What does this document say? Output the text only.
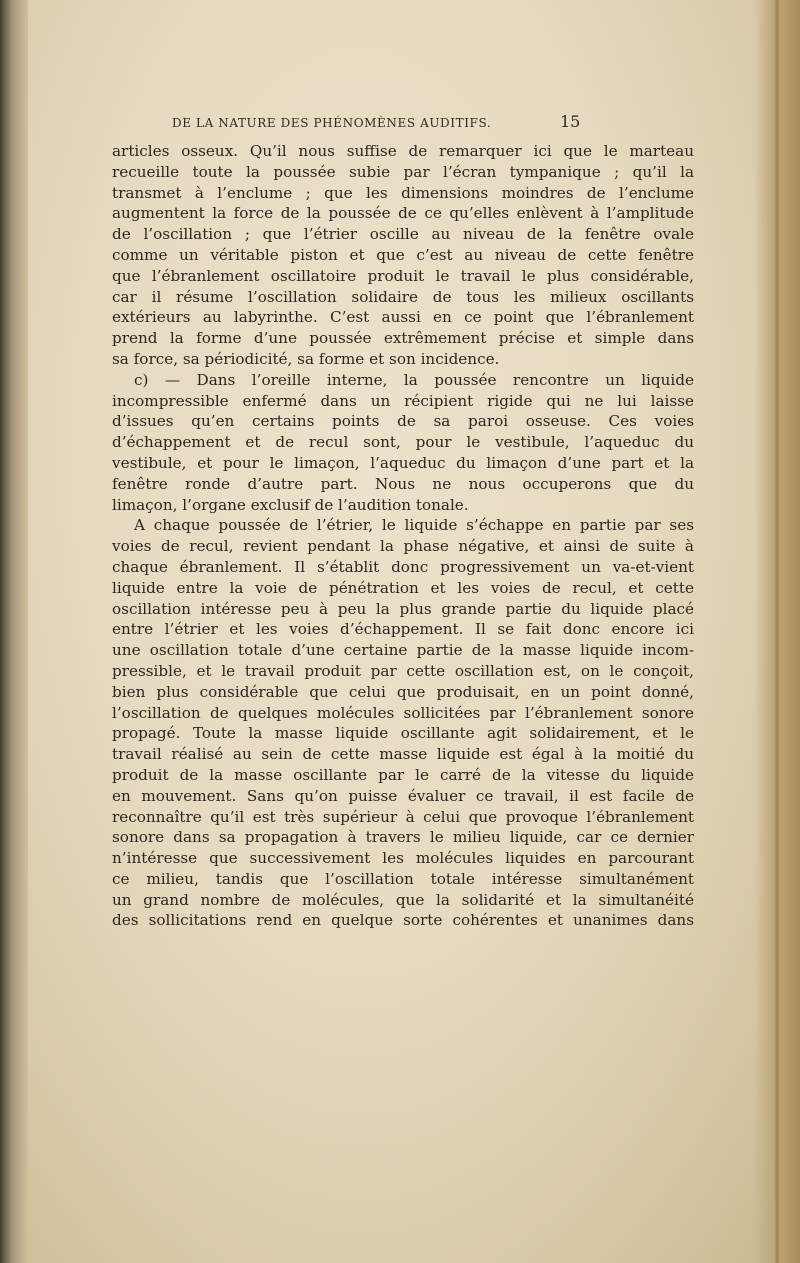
DE LA NATURE DES PHÉNOMÈNES AUDITIFS.	15

articles osseux. Qu’il nous suffise de remarquer ici que le marteau
recueille toute la poussée subie par l’écran tympanique ; qu’il la
transmet à l’enclume ; que les dimensions moindres de l’enclume
augmentent la force de la poussée de ce qu’elles enlèvent à l’amplitude
de l’oscillation ; que l’étrier oscille au niveau de la fenêtre ovale
comme un véritable piston et que c’est au niveau de cette fenêtre
que l’ébranlement oscillatoire produit le travail le plus considérable,
car il résume l’oscillation solidaire de tous les milieux oscillants
extérieurs au labyrinthe. C’est aussi en ce point que l’ébranlement
prend la forme d’une poussée extrêmement précise et simple dans
sa force, sa périodicité, sa forme et son incidence.

c) — Dans l’oreille interne, la poussée rencontre un liquide
incompressible enfermé dans un récipient rigide qui ne lui laisse
d’issues qu’en certains points de sa paroi osseuse. Ces voies
d’échappement et de recul sont, pour le vestibule, l’aqueduc du
vestibule, et pour le limaçon, l’aqueduc du limaçon d’une part et la
fenêtre ronde d’autre part. Nous ne nous occuperons que du
limaçon, l’organe exclusif de l’audition tonale.

A chaque poussée de l’étrier, le liquide s’échappe en partie par ses
voies de recul, revient pendant la phase négative, et ainsi de suite à
chaque ébranlement. Il s’établit donc progressivement un va-et-vient
liquide entre la voie de pénétration et les voies de recul, et cette
oscillation intéresse peu à peu la plus grande partie du liquide placé
entre l’étrier et les voies d’échappement. Il se fait donc encore ici
une oscillation totale d’une certaine partie de la masse liquide incom-
pressible, et le travail produit par cette oscillation est, on le conçoit,
bien plus considérable que celui que produisait, en un point donné,
l’oscillation de quelques molécules sollicitées par l’ébranlement sonore
propagé. Toute la masse liquide oscillante agit solidairement, et le
travail réalisé au sein de cette masse liquide est égal à la moitié du
produit de la masse oscillante par le carré de la vitesse du liquide
en mouvement. Sans qu’on puisse évaluer ce travail, il est facile de
reconnaître qu’il est très supérieur à celui que provoque l’ébranlement
sonore dans sa propagation à travers le milieu liquide, car ce dernier
n’intéresse que successivement les molécules liquides en parcourant
ce milieu, tandis que l’oscillation totale intéresse simultanément
un grand nombre de molécules, que la solidarité et la simultanéité
des sollicitations rend en quelque sorte cohérentes et unanimes dans
